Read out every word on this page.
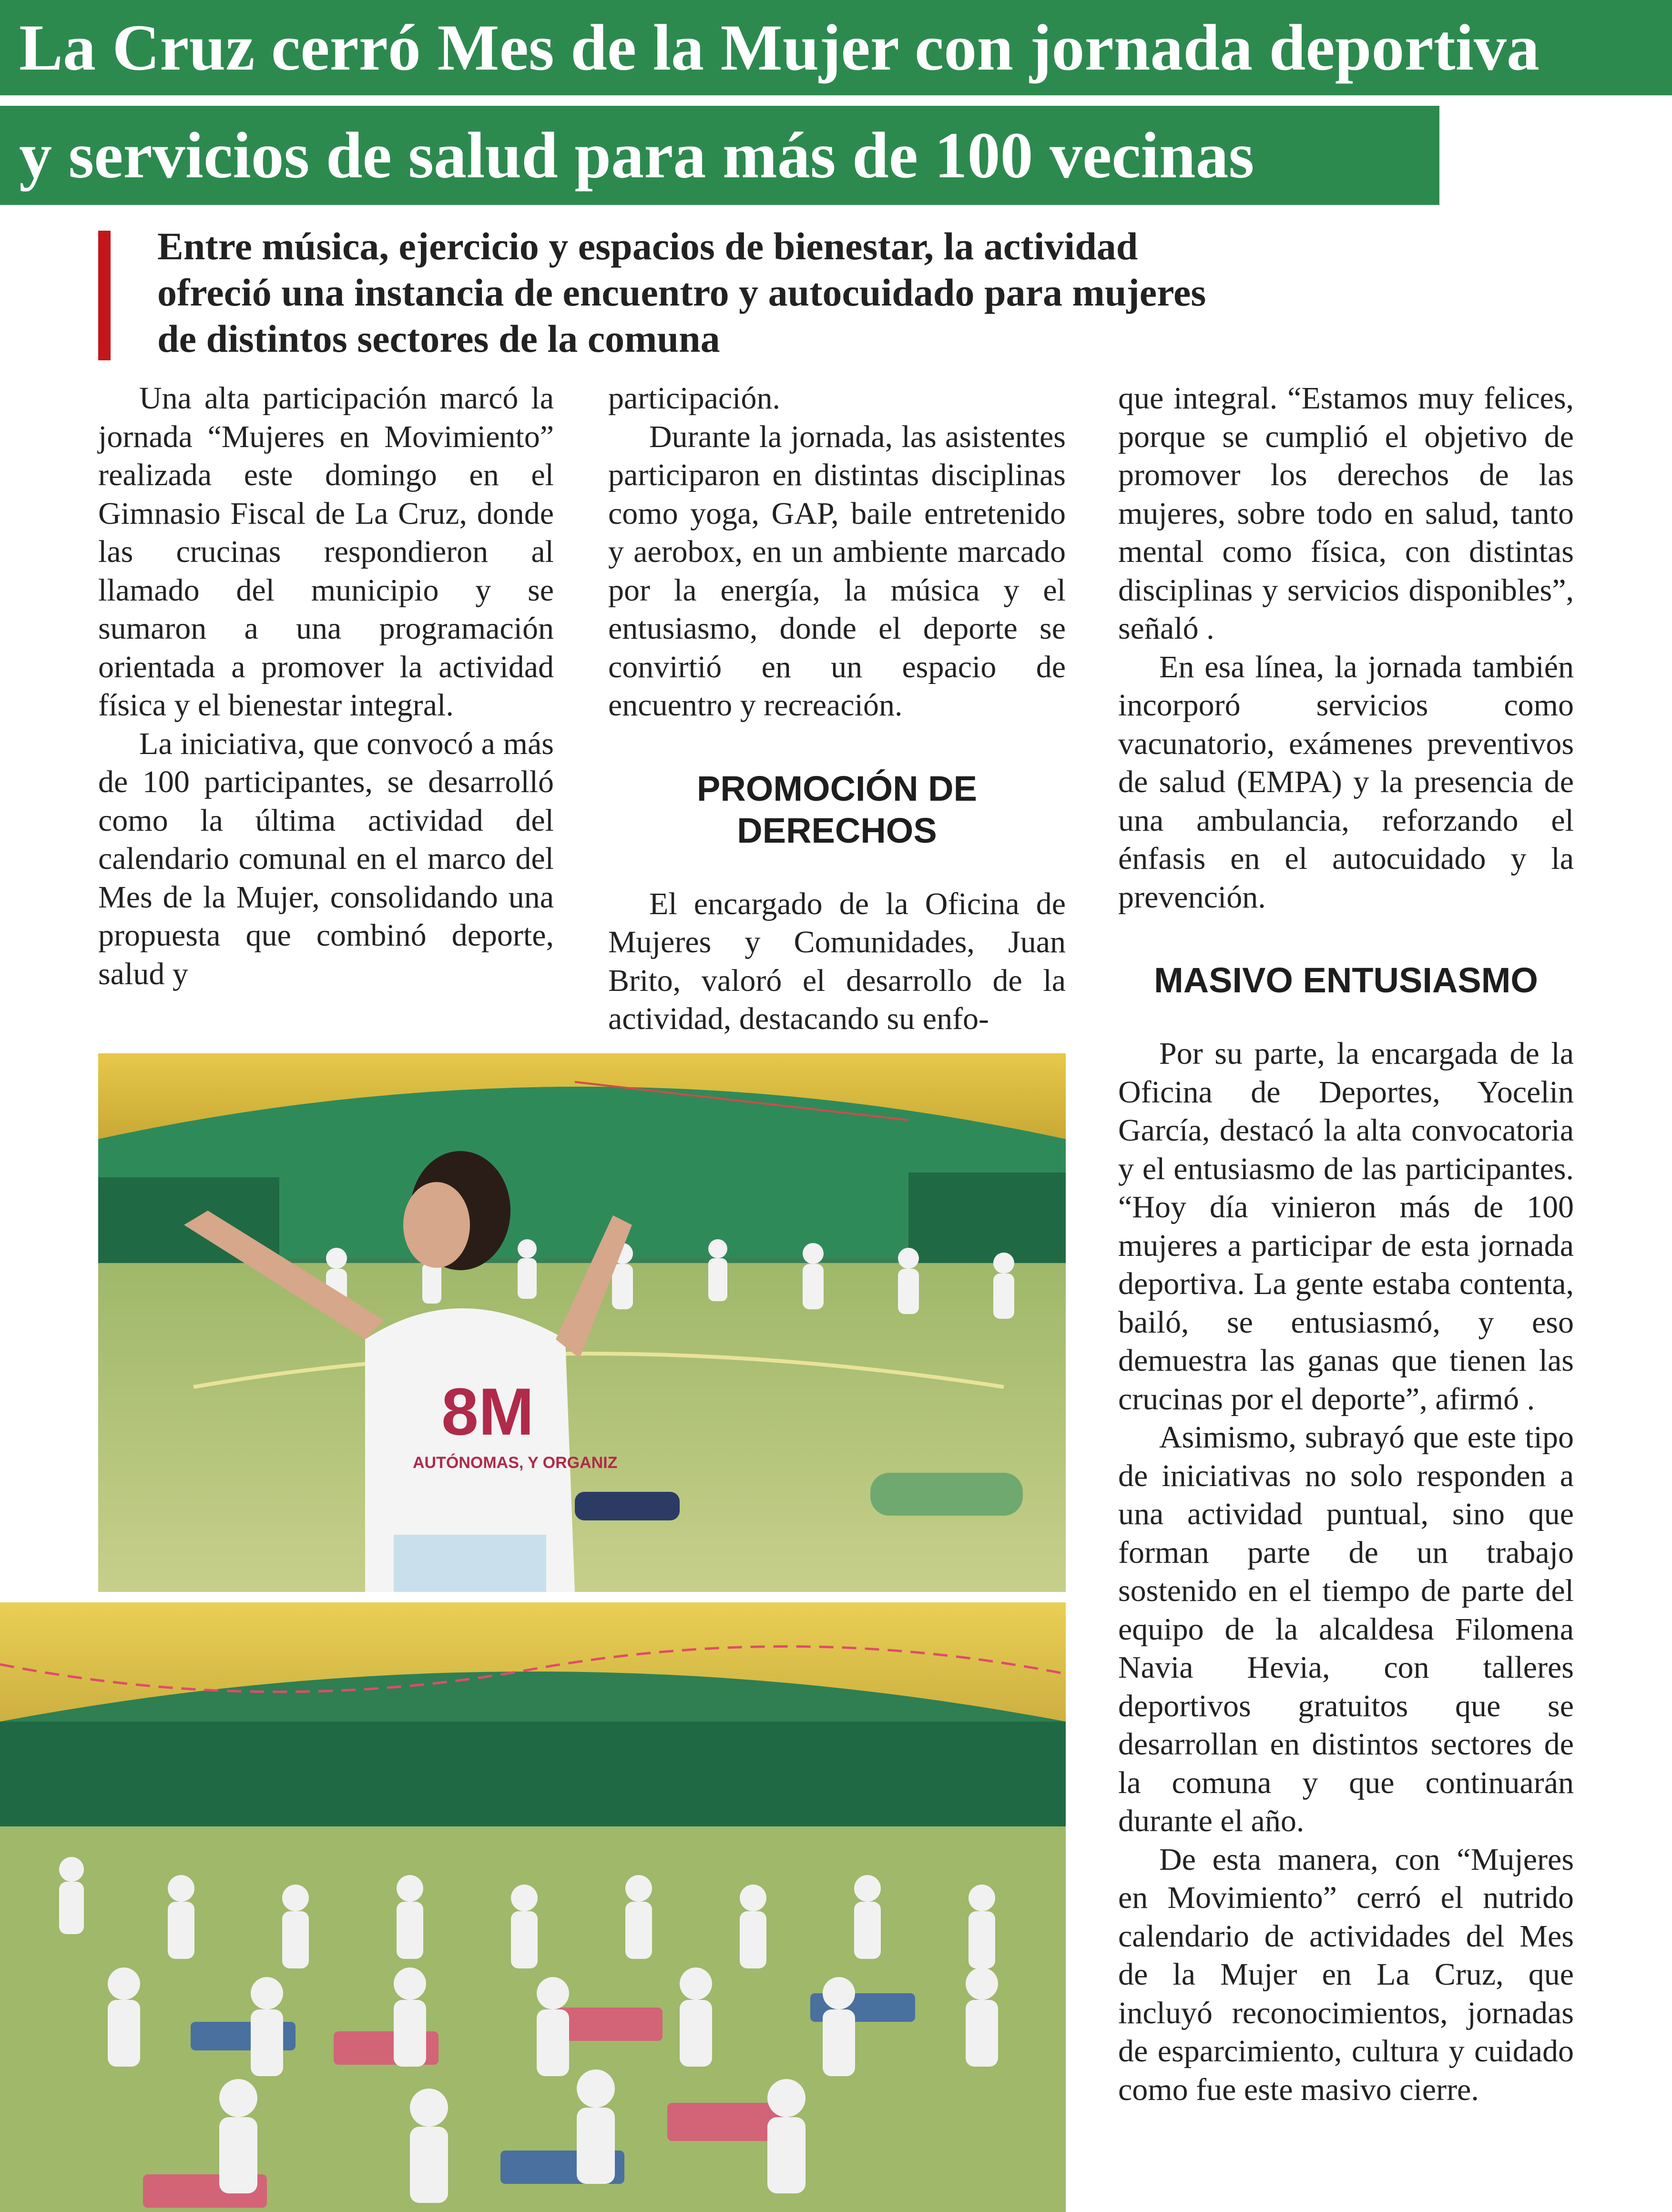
La Cruz cerró Mes de la Mujer con jornada deportiva
y servicios de salud para más de 100 vecinas
Entre música, ejercicio y espacios de bienestar, la actividad ofreció una instancia de encuentro y autocuidado para mujeres de distintos sectores de la comuna

Una alta participación marcó la jornada “Mujeres en Movimiento” realizada este domingo en el Gimnasio Fiscal de La Cruz, donde las crucinas respondieron al llamado del municipio y se sumaron a una programación orientada a promover la actividad física y el bienestar integral.

La iniciativa, que convocó a más de 100 participantes, se desarrolló como la última actividad del calendario comunal en el marco del Mes de la Mujer, consolidando una propuesta que combinó deporte, salud y

participación.

Durante la jornada, las asistentes participaron en distintas disciplinas como yoga, GAP, baile entretenido y aerobox, en un ambiente marcado por la energía, la música y el entusiasmo, donde el deporte se convirtió en un espacio de encuentro y recreación.

PROMOCIÓN DE DERECHOS

El encargado de la Oficina de Mujeres y Comunidades, Juan Brito, valoró el desarrollo de la actividad, destacando su enfo-

que integral. “Estamos muy felices, porque se cumplió el objetivo de promover los derechos de las mujeres, sobre todo en salud, tanto mental como física, con distintas disciplinas y servicios disponibles”, señaló .

En esa línea, la jornada también incorporó servicios como vacunatorio, exámenes preventivos de salud (EMPA) y la presencia de una ambulancia, reforzando el énfasis en el autocuidado y la prevención.

MASIVO ENTUSIASMO

Por su parte, la encargada de la Oficina de Deportes, Yocelin García, destacó la alta convocatoria y el entusiasmo de las participantes. “Hoy día vinieron más de 100 mujeres a participar de esta jornada deportiva. La gente estaba contenta, bailó, se entusiasmó, y eso demuestra las ganas que tienen las crucinas por el deporte”, afirmó .

Asimismo, subrayó que este tipo de iniciativas no solo responden a una actividad puntual, sino que forman parte de un trabajo sostenido en el tiempo de parte del equipo de la alcaldesa Filomena Navia Hevia, con talleres deportivos gratuitos que se desarrollan en distintos sectores de la comuna y que continuarán durante el año.

De esta manera, con “Mujeres en Movimiento” cerró el nutrido calendario de actividades del Mes de la Mujer en La Cruz, que incluyó reconocimientos, jornadas de esparcimiento, cultura y cuidado como fue este masivo cierre.

8M
AUTÓNOMAS, Y ORGANIZ
